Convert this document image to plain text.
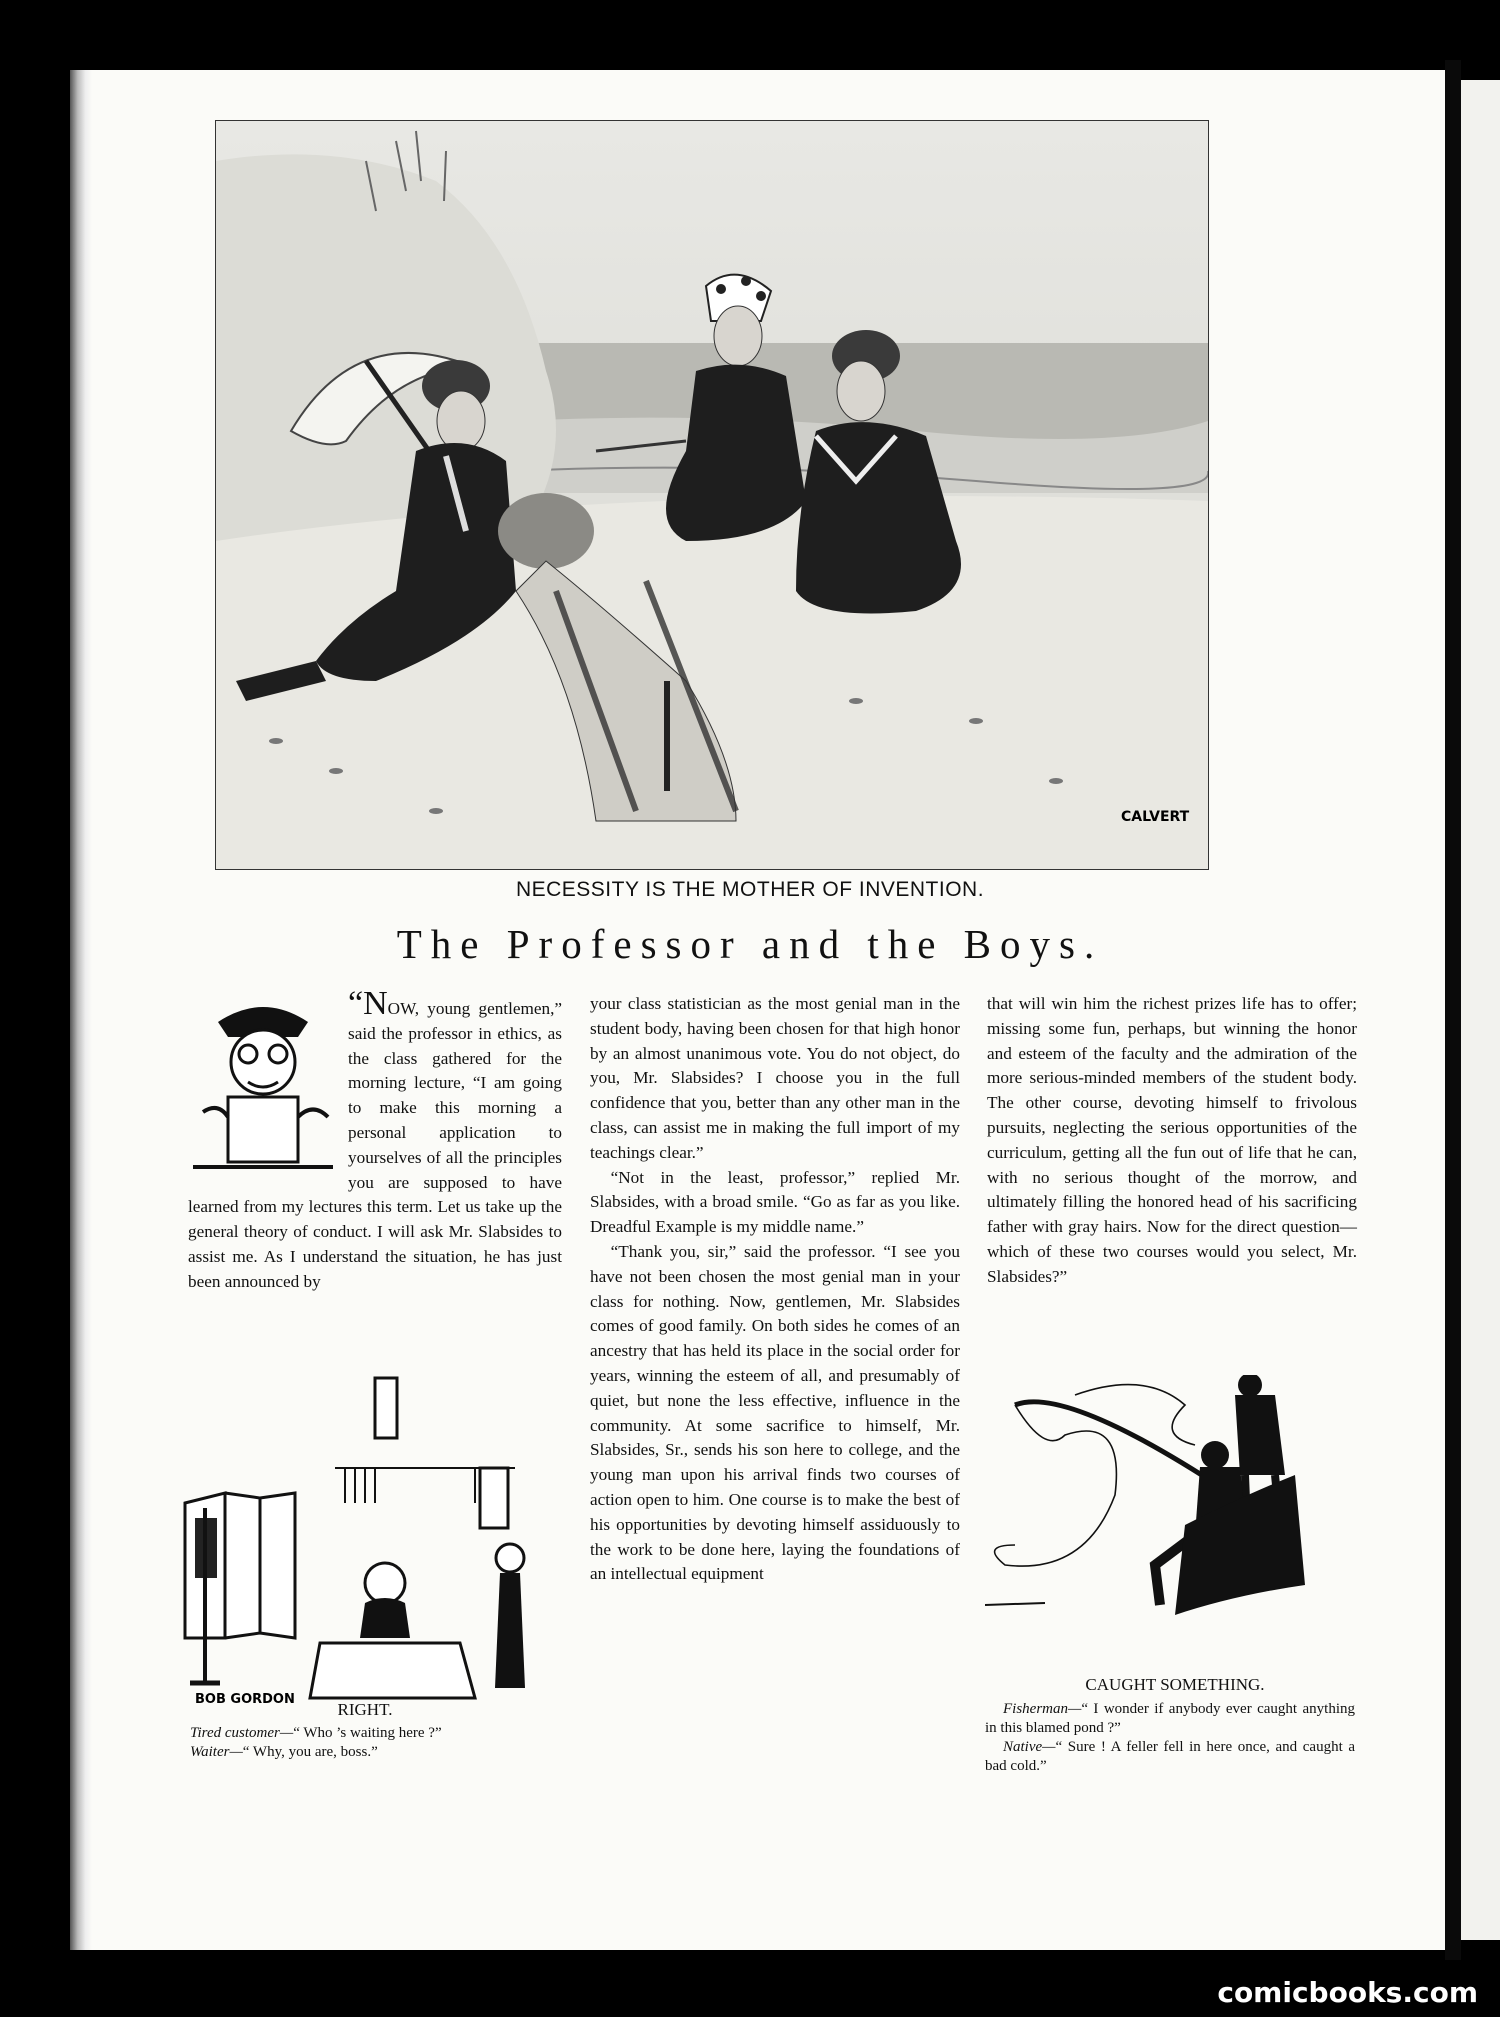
CALVERT
NECESSITY IS THE MOTHER OF INVENTION.
The Professor and the Boys.

“NOW, young gentlemen,” said the professor in ethics, as the class gathered for the morning lecture, “I am going to make this morning a personal application to yourselves of all the principles you are supposed to have learned from my lectures this term. Let us take up the general theory of conduct. I will ask Mr. Slabsides to assist me. As I understand the situation, he has just been announced by

your class statistician as the most genial man in the student body, having been chosen for that high honor by an almost unanimous vote. You do not object, do you, Mr. Slabsides? I choose you in the full confidence that you, better than any other man in the class, can assist me in making the full import of my teachings clear.”

“Not in the least, professor,” replied Mr. Slabsides, with a broad smile. “Go as far as you like. Dreadful Example is my middle name.”

“Thank you, sir,” said the professor. “I see you have not been chosen the most genial man in your class for nothing. Now, gentlemen, Mr. Slabsides comes of good family. On both sides he comes of an ancestry that has held its place in the social order for years, winning the esteem of all, and presumably of quiet, but none the less effective, influence in the community. At some sacrifice to himself, Mr. Slabsides, Sr., sends his son here to college, and the young man upon his arrival finds two courses of action open to him. One course is to make the best of his opportunities by devoting himself assiduously to the work to be done here, laying the foundations of an intellectual equipment

that will win him the richest prizes life has to offer; missing some fun, perhaps, but winning the honor and esteem of the faculty and the admiration of the more serious-minded members of the student body. The other course, devoting himself to frivolous pursuits, neglecting the serious opportunities of the curriculum, getting all the fun out of life that he can, with no serious thought of the morrow, and ultimately filling the honored head of his sacrificing father with gray hairs. Now for the direct question—which of these two courses would you select, Mr. Slabsides?”

BOB GORDON
RIGHT.

Tired customer—“ Who ’s waiting here ?”

Waiter—“ Why, you are, boss.”

CAUGHT SOMETHING.

Fisherman—“ I wonder if anybody ever caught anything in this blamed pond ?”

Native—“ Sure ! A feller fell in here once, and caught a bad cold.”

comicbooks.com
